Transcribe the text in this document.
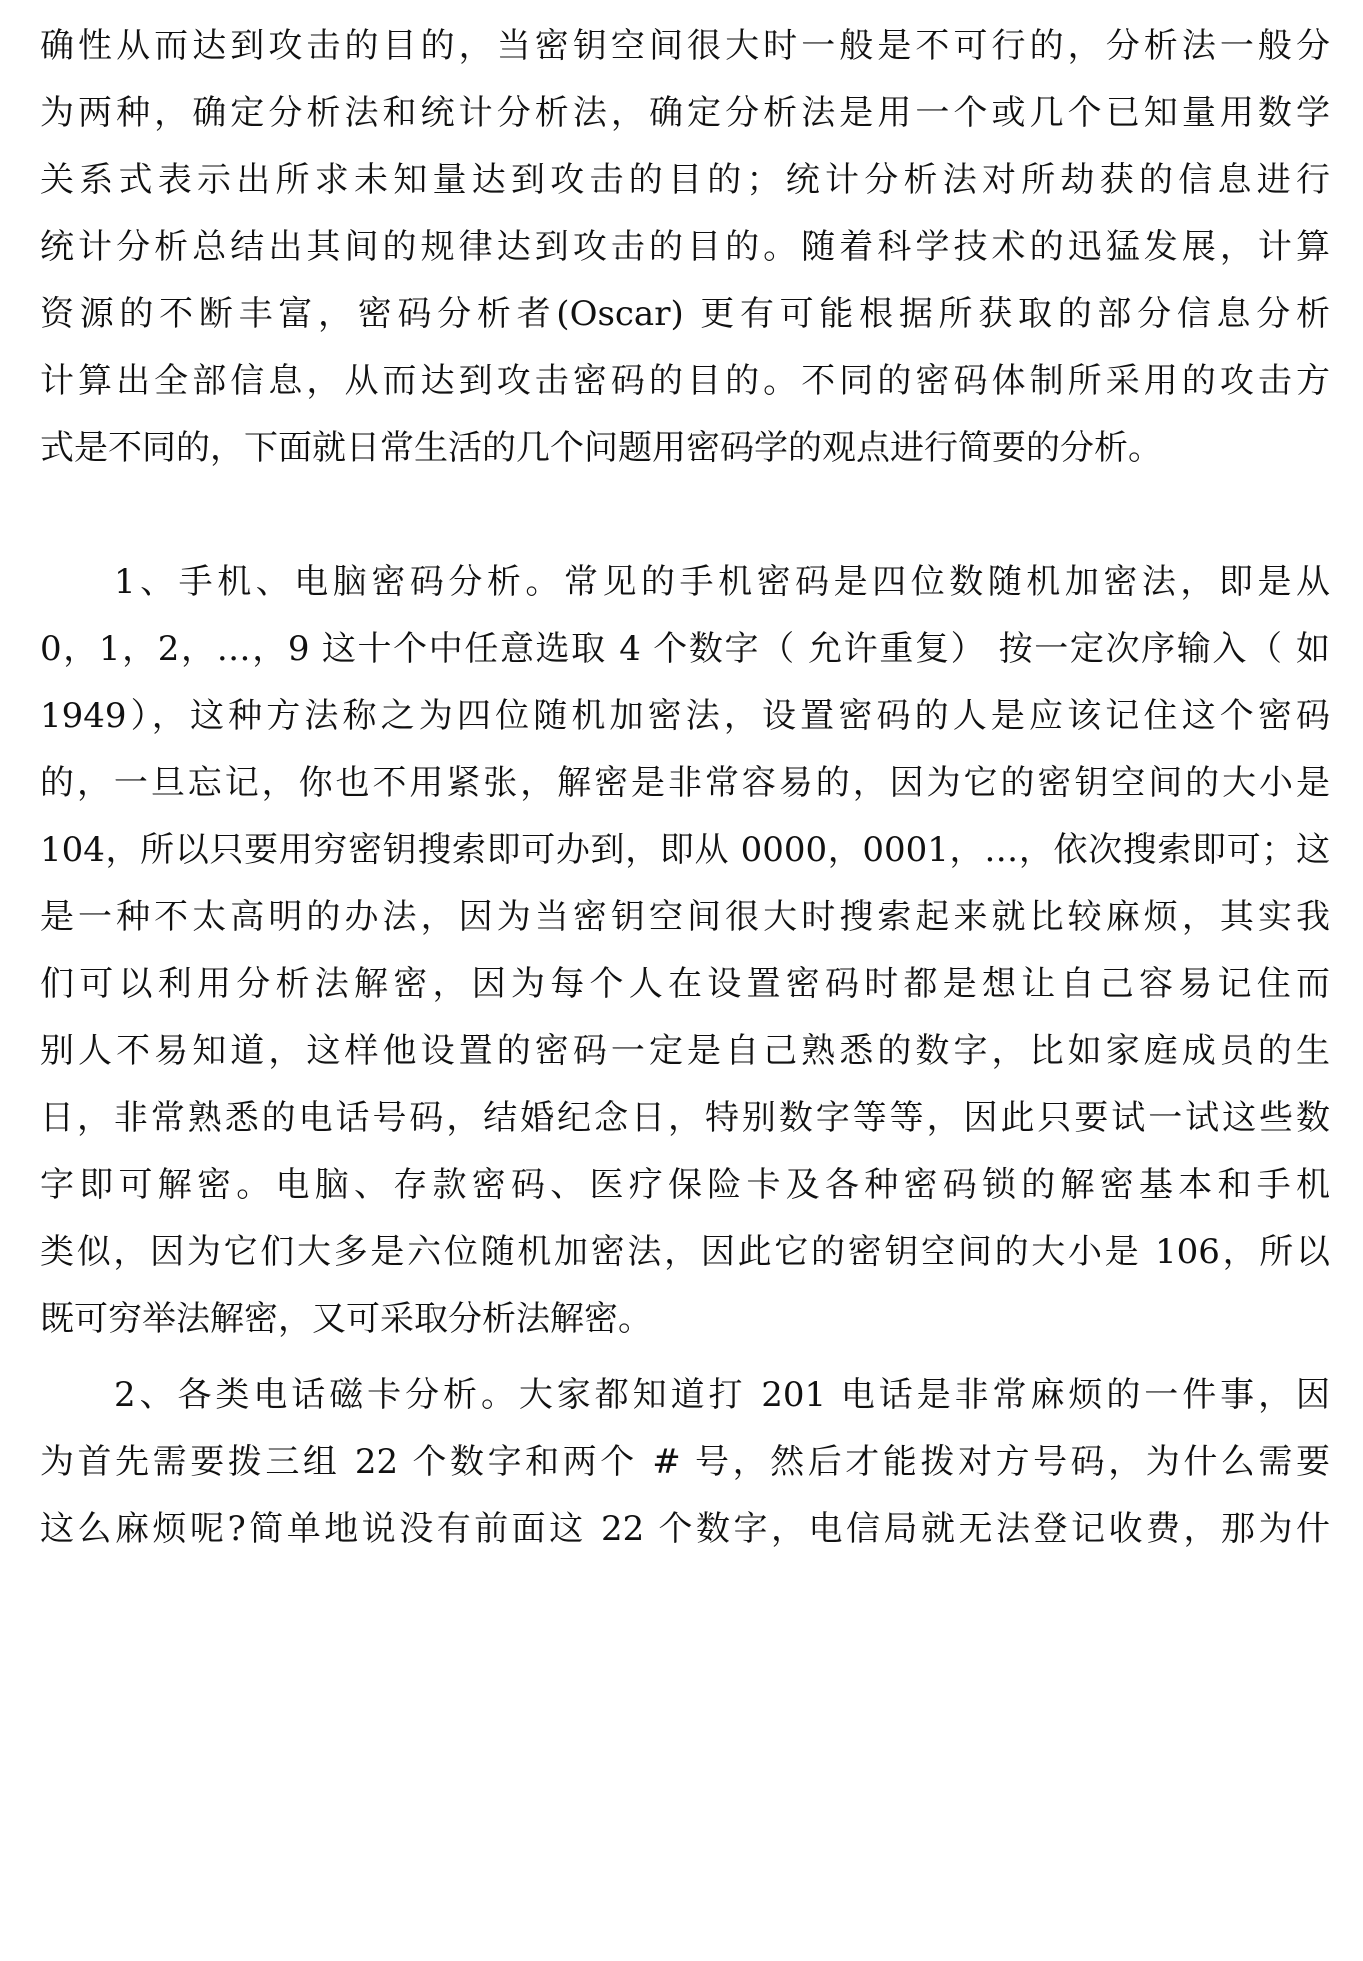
确性从而达到攻击的目的，当密钥空间很大时一般是不可行的，分析法一般分
为两种，确定分析法和统计分析法，确定分析法是用一个或几个已知量用数学
关系式表示出所求未知量达到攻击的目的；统计分析法对所劫获的信息进行
统计分析总结出其间的规律达到攻击的目的。随着科学技术的迅猛发展，计算
资源的不断丰富，密码分析者(Oscar) 更有可能根据所获取的部分信息分析
计算出全部信息，从而达到攻击密码的目的。不同的密码体制所采用的攻击方
式是不同的，下面就日常生活的几个问题用密码学的观点进行简要的分析。
1、手机、电脑密码分析。常见的手机密码是四位数随机加密法，即是从
0，1，2，…，9 这十个中任意选取 4 个数字（ 允许重复） 按一定次序输入（ 如
1949），这种方法称之为四位随机加密法，设置密码的人是应该记住这个密码
的，一旦忘记，你也不用紧张，解密是非常容易的，因为它的密钥空间的大小是
104，所以只要用穷密钥搜索即可办到，即从 0000，0001，…，依次搜索即可；这
是一种不太高明的办法，因为当密钥空间很大时搜索起来就比较麻烦，其实我
们可以利用分析法解密，因为每个人在设置密码时都是想让自己容易记住而
别人不易知道，这样他设置的密码一定是自己熟悉的数字，比如家庭成员的生
日，非常熟悉的电话号码，结婚纪念日，特别数字等等，因此只要试一试这些数
字即可解密。电脑、存款密码、医疗保险卡及各种密码锁的解密基本和手机
类似，因为它们大多是六位随机加密法，因此它的密钥空间的大小是 106，所以
既可穷举法解密，又可采取分析法解密。
2、各类电话磁卡分析。大家都知道打 201 电话是非常麻烦的一件事，因
为首先需要拨三组 22 个数字和两个 # 号，然后才能拨对方号码，为什么需要
这么麻烦呢?简单地说没有前面这 22 个数字，电信局就无法登记收费，那为什
